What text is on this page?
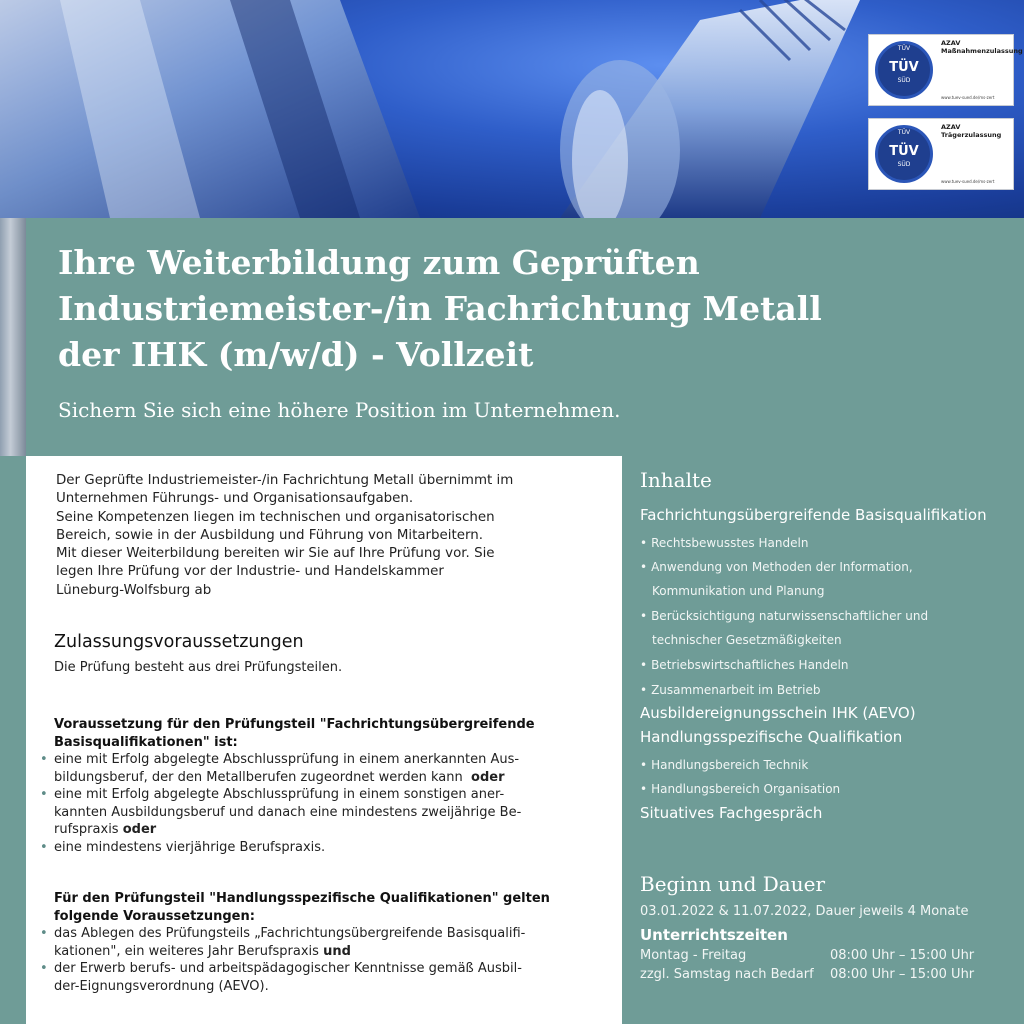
TÜV
TÜV
SÜD
AZAV
Maßnahmenzulassung
www.tuev-sued.de/ms-zert
TÜV
TÜV
SÜD
AZAV
Trägerzulassung
www.tuev-sued.de/ms-zert
Ihre Weiterbildung zum Geprüften
Industriemeister-/in Fachrichtung Metall
der IHK (m/w/d) - Vollzeit

Sichern Sie sich eine höhere Position im Unternehmen.

Der Geprüfte Industriemeister-/in Fachrichtung Metall übernimmt im
Unternehmen Führungs- und Organisationsaufgaben.
Seine Kompetenzen liegen im technischen und organisatorischen
Bereich, sowie in der Ausbildung und Führung von Mitarbeitern.
Mit dieser Weiterbildung bereiten wir Sie auf Ihre Prüfung vor. Sie
legen Ihre Prüfung vor der Industrie- und Handelskammer
Lüneburg-Wolfsburg ab

Zulassungsvoraussetzungen

Die Prüfung besteht aus drei Prüfungsteilen.

Voraussetzung für den Prüfungsteil "Fachrichtungsübergreifende
Basisqualifikationen" ist:
• eine mit Erfolg abgelegte Abschlussprüfung in einem anerkannten Aus-
bildungsberuf, der den Metallberufen zugeordnet werden kann  oder
• eine mit Erfolg abgelegte Abschlussprüfung in einem sonstigen aner-
kannten Ausbildungsberuf und danach eine mindestens zweijährige Be-
rufspraxis oder
• eine mindestens vierjährige Berufspraxis.
Für den Prüfungsteil "Handlungsspezifische Qualifikationen" gelten
folgende Voraussetzungen:
• das Ablegen des Prüfungsteils „Fachrichtungsübergreifende Basisqualifi-
kationen", ein weiteres Jahr Berufspraxis und
• der Erwerb berufs- und arbeitspädagogischer Kenntnisse gemäß Ausbil-
der-Eignungsverordnung (AEVO).
Inhalte
Fachrichtungsübergreifende Basisqualifikation
• Rechtsbewusstes Handeln
• Anwendung von Methoden der Information,
Kommunikation und Planung
• Berücksichtigung naturwissenschaftlicher und
technischer Gesetzmäßigkeiten
• Betriebswirtschaftliches Handeln
• Zusammenarbeit im Betrieb
Ausbildereignungsschein IHK (AEVO)
Handlungsspezifische Qualifikation
• Handlungsbereich Technik
• Handlungsbereich Organisation
Situatives Fachgespräch
Beginn und Dauer
03.01.2022 & 11.07.2022, Dauer jeweils 4 Monate
Unterrichtszeiten
Montag - Freitag	08:00 Uhr – 15:00 Uhr
zzgl. Samstag nach Bedarf 08:00 Uhr – 15:00 Uhr
